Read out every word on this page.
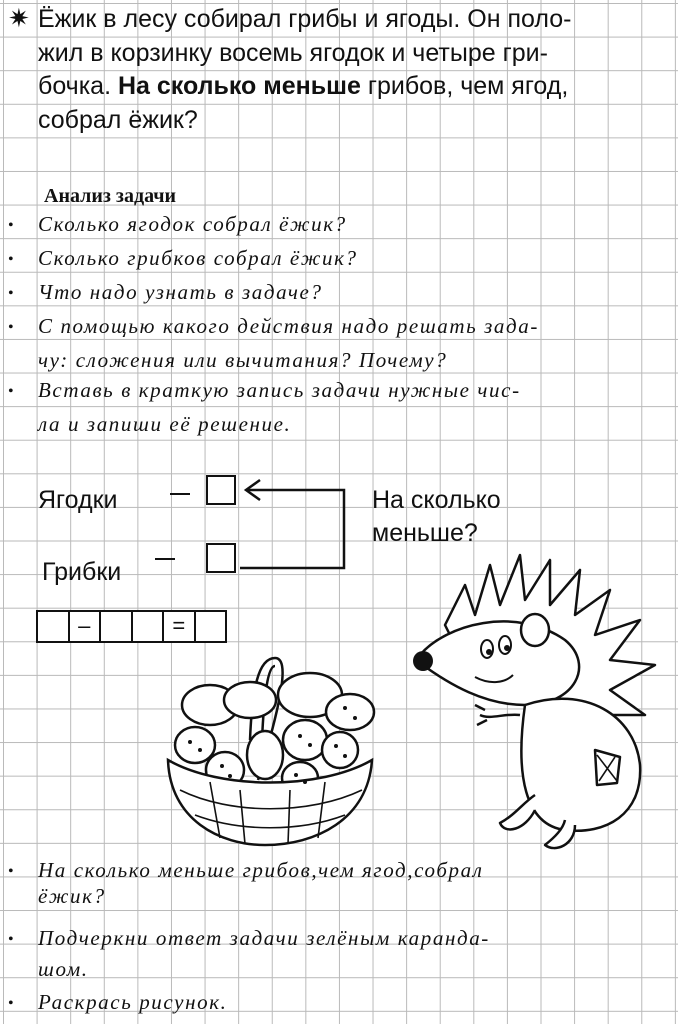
✷ Ёжик в лесу собирал грибы и ягоды. Он поло-
жил в корзинку восемь ягодок и четыре гри-
бочка. На сколько меньше грибов, чем ягод,
собрал ёжик?
Анализ задачи
• Сколько ягодок собрал ёжик?
• Сколько грибков собрал ёжик?
• Что надо узнать в задаче?
• С помощью какого действия надо решать зада-
чу: сложения или вычитания? Почему?
• Вставь в краткую запись задачи нужные чис-
ла и запиши её решение.
Ягодки
Грибки
На сколько
меньше?
–	=
• На сколько меньше грибов,чем ягод,собрал
ёжик?
• Подчеркни ответ задачи зелёным каранда-
шом.
• Раскрась рисунок.
